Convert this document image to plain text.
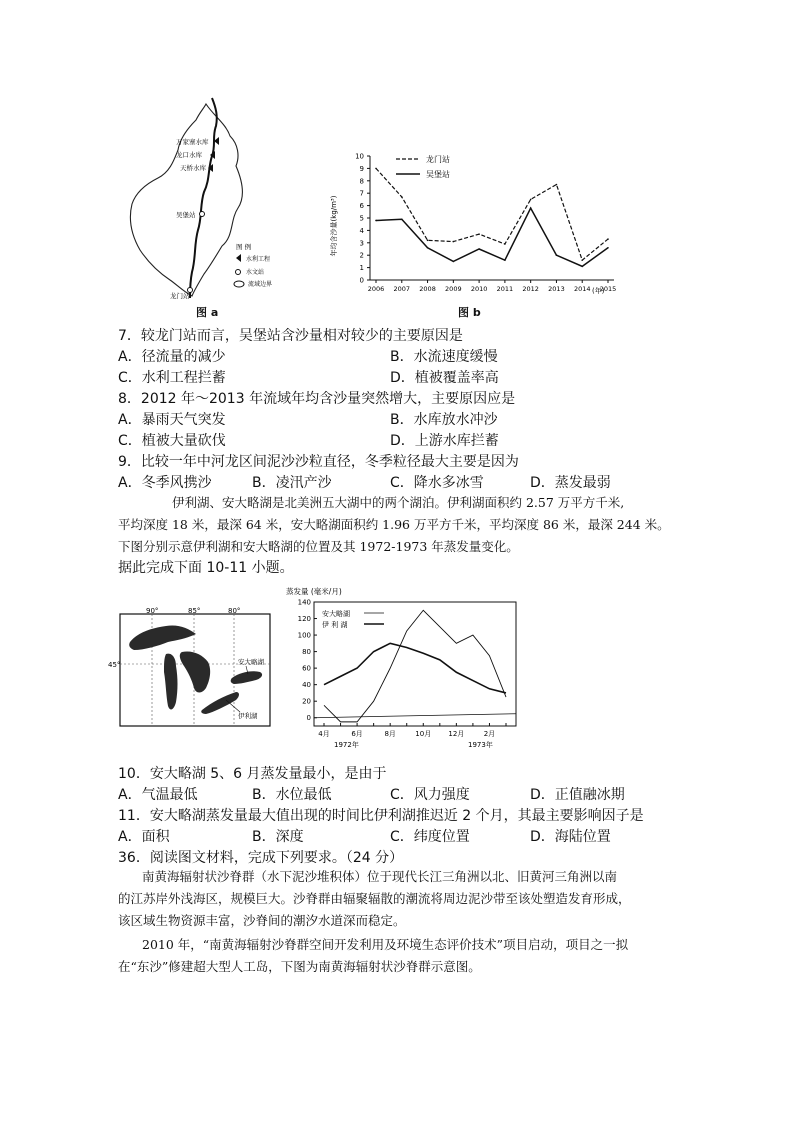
万家寨水库
龙口水库
天桥水库
吴堡站
龙门站
图 例
水利工程
水文站
流域边界
图 a
年均含沙量(kg/m³)
0
1
2
3
4
5
6
7
8
9
10
2006 2007 2008 2009 2010 2011 2012 2013 2014 2015
龙门站
吴堡站
(年)
图 b
7．较龙门站而言，吴堡站含沙量相对较少的主要原因是
A．径流量的减少	B．水流速度缓慢
C．水利工程拦蓄	D．植被覆盖率高
8．2012 年～2013 年流域年均含沙量突然增大，主要原因应是
A．暴雨天气突发	B．水库放水冲沙
C．植被大量砍伐	D．上游水库拦蓄
9．比较一年中河龙区间泥沙沙粒直径，冬季粒径最大主要是因为
A．冬季风携沙	B．凌汛产沙	C．降水多冰雪	D．蒸发最弱
伊利湖、安大略湖是北美洲五大湖中的两个湖泊。伊利湖面积约 2.57 万平方千米,
平均深度 18 米，最深 64 米，安大略湖面积约 1.96 万平方千米，平均深度 86 米，最深 244 米。
下图分别示意伊利湖和安大略湖的位置及其 1972-1973 年蒸发量变化。
据此完成下面 10-11 小题。
90°	85°	80°
45°	安大略湖
伊利湖
蒸发量 (毫米/月)
0
20
40
60
80
100
120
140
4月	6月	8月	10月 12月	2月
安大略湖
伊 利 湖
1972年	1973年
10．安大略湖 5、6 月蒸发量最小，是由于
A．气温最低	B．水位最低	C．风力强度	D．正值融冰期
11．安大略湖蒸发量最大值出现的时间比伊利湖推迟近 2 个月，其最主要影响因子是
A．面积	B．深度	C．纬度位置	D．海陆位置
36．阅读图文材料，完成下列要求。（24 分）
南黄海辐射状沙脊群（水下泥沙堆积体）位于现代长江三角洲以北、旧黄河三角洲以南
的江苏岸外浅海区，规模巨大。沙脊群由辐聚辐散的潮流将周边泥沙带至该处塑造发育形成，
该区域生物资源丰富，沙脊间的潮汐水道深而稳定。
2010 年，“南黄海辐射沙脊群空间开发利用及环境生态评价技术”项目启动，项目之一拟
在“东沙”修建超大型人工岛，下图为南黄海辐射状沙脊群示意图。
